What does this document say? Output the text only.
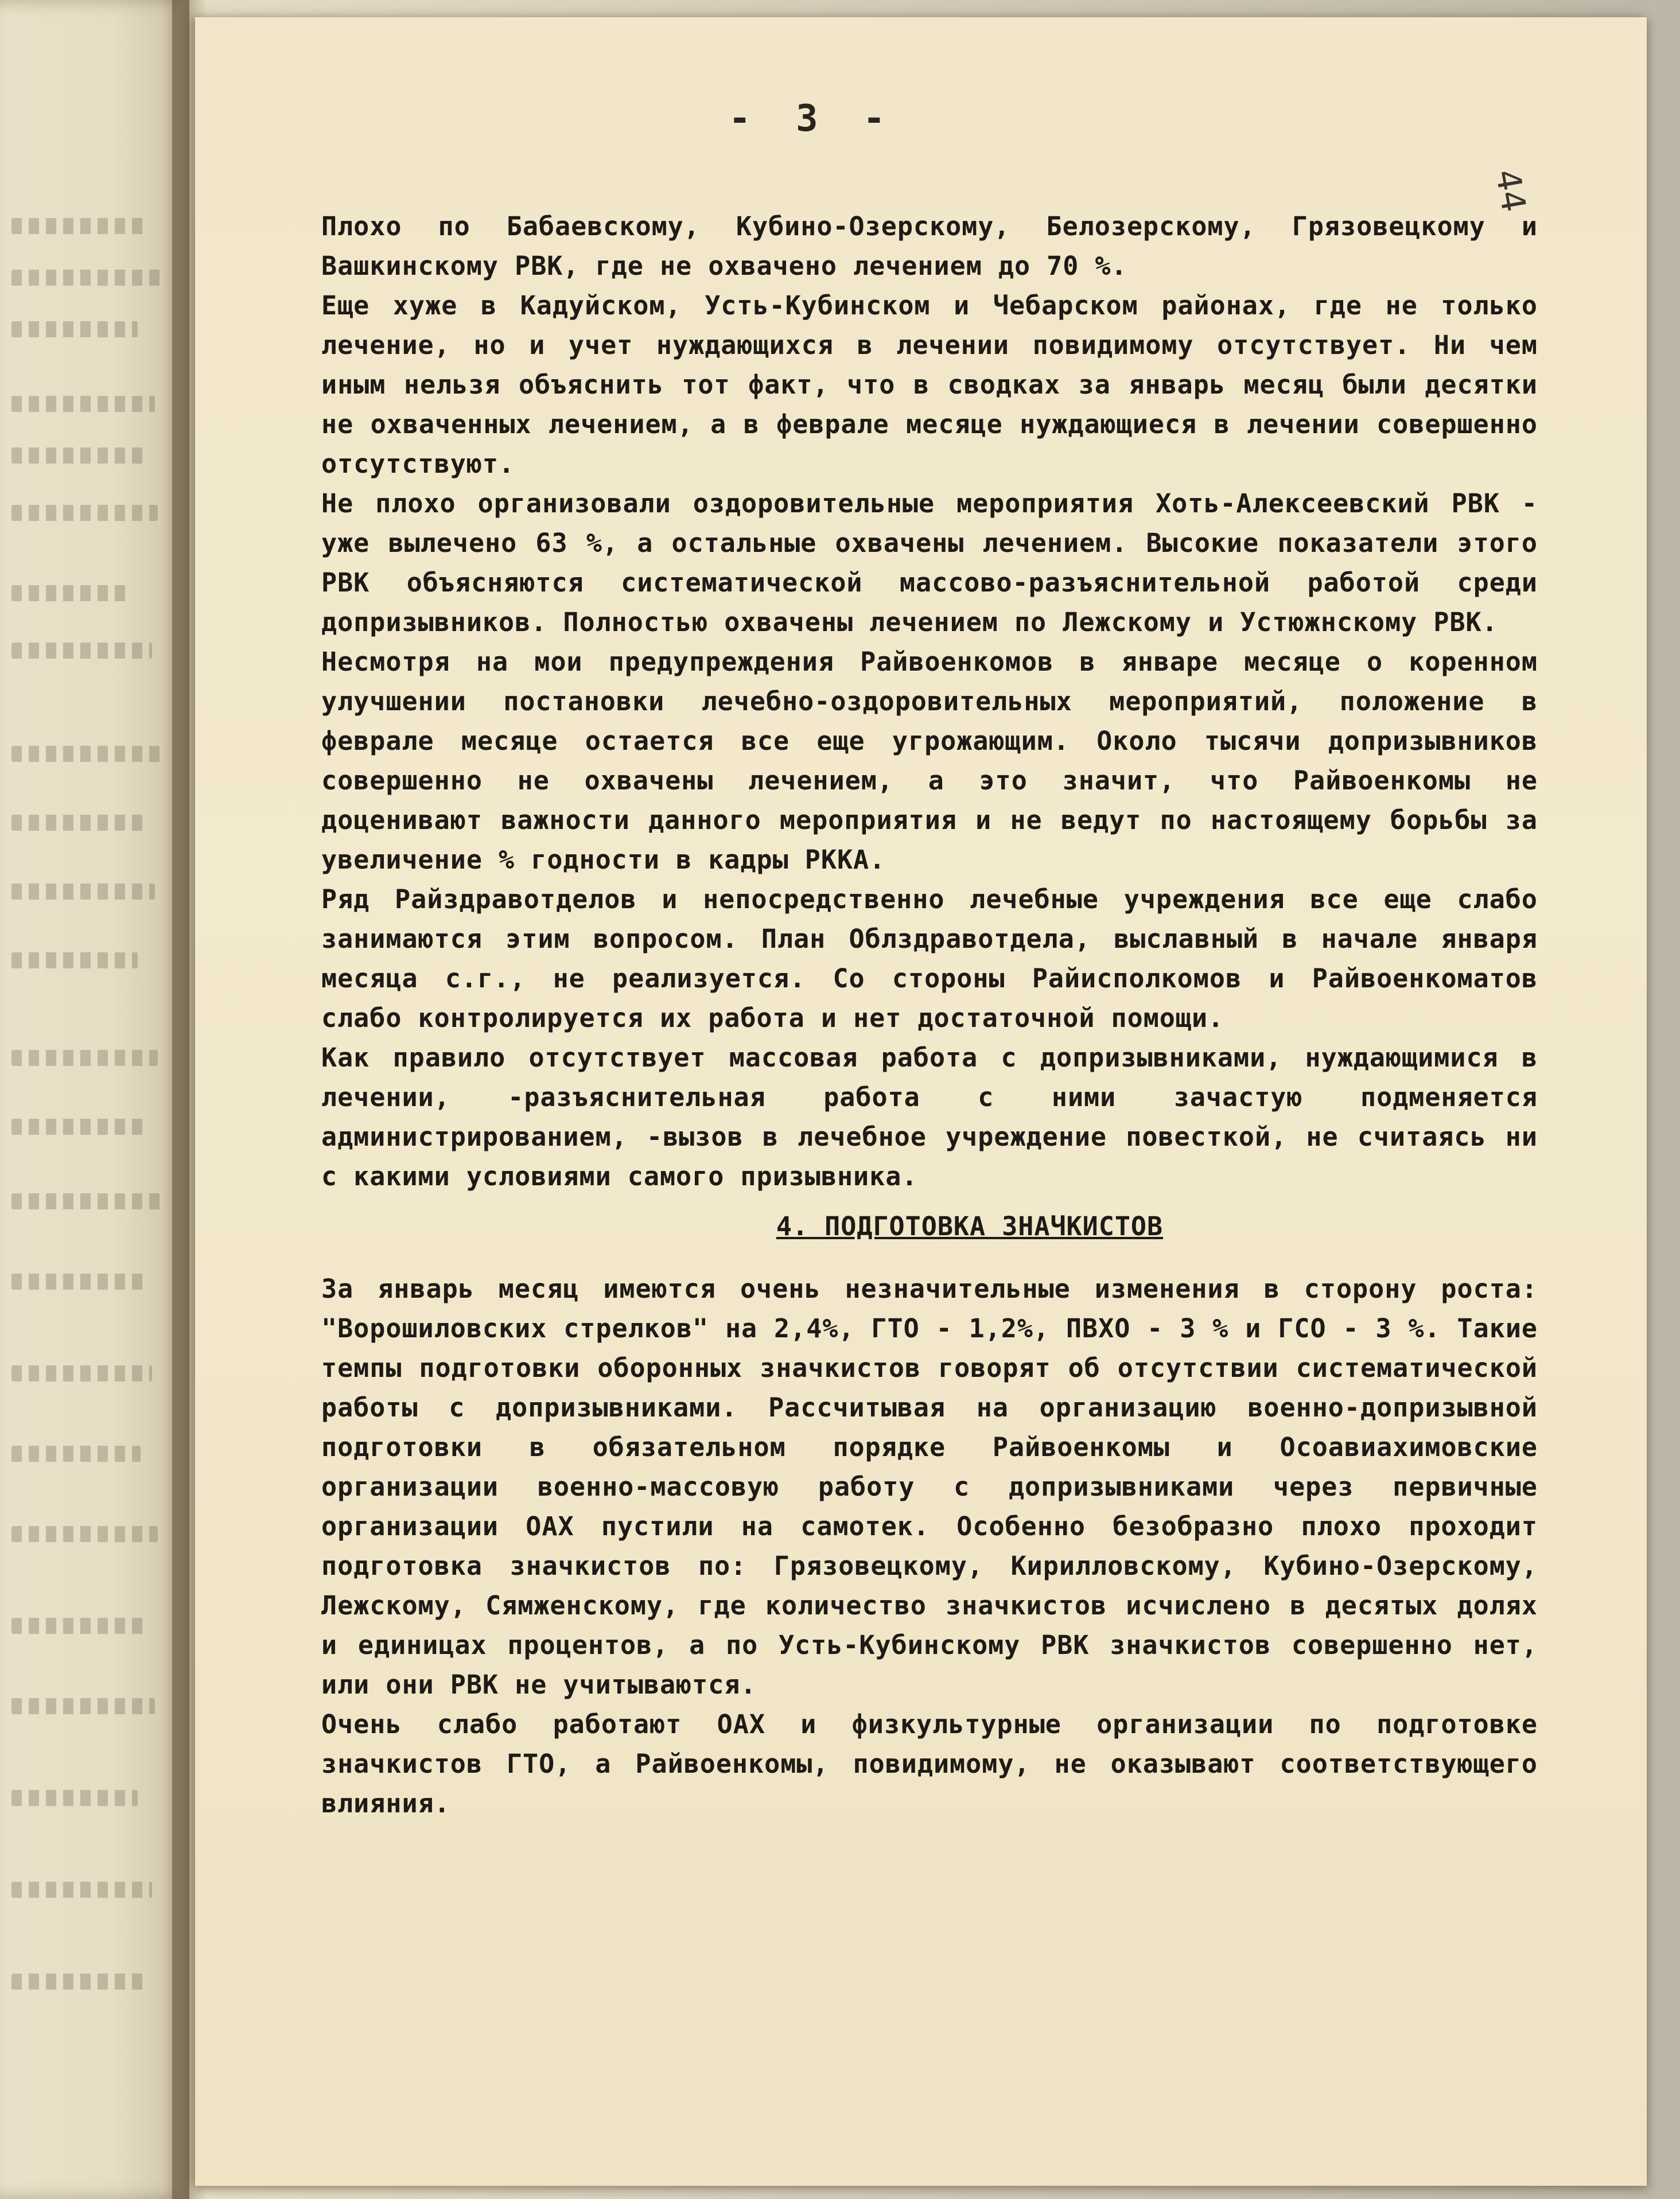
- 3 -
44

Плохо по Бабаевскому, Кубино-Озерскому, Белозерскому, Грязовецкому и Вашкинскому РВК, где не охвачено лечением до 70 %.

Еще хуже в Кадуйском, Усть-Кубинском и Чебарском районах, где не только лечение, но и учет нуждающихся в лечении повидимому отсутствует. Ни чем иным нельзя объяснить тот факт, что в сводках за январь месяц были десятки не охваченных лечением, а в феврале месяце нуждающиеся в лечении совершенно отсутствуют.

Не плохо организовали оздоровительные мероприятия Хоть-Алексеевский РВК - уже вылечено 63 %, а остальные охвачены лечением. Высокие показатели этого РВК объясняются систематической массово-разъяснительной работой среди допризывников. Полностью охвачены лечением по Лежскому и Устюжнскому РВК.

Несмотря на мои предупреждения Райвоенкомов в январе месяце о коренном улучшении постановки лечебно-оздоровительных мероприятий, положение в феврале месяце остается все еще угрожающим. Около тысячи допризывников совершенно не охвачены лечением, а это значит, что Райвоенкомы не доценивают важности данного мероприятия и не ведут по настоящему борьбы за увеличение % годности в кадры РККА.

Ряд Райздравотделов и непосредственно лечебные учреждения все еще слабо занимаются этим вопросом. План Облздравотдела, выславный в начале января месяца с.г., не реализуется. Со стороны Райисполкомов и Райвоенкоматов слабо контролируется их работа и нет достаточной помощи.

Как правило отсутствует массовая работа с допризывниками, нуждающимися в лечении, -разъяснительная работа с ними зачастую подменяется администрированием, -вызов в лечебное учреждение повесткой, не считаясь ни с какими условиями самого призывника.

4. ПОДГОТОВКА ЗНАЧКИСТОВ

За январь месяц имеются очень незначительные изменения в сторону роста: "Ворошиловских стрелков" на 2,4%, ГТО - 1,2%, ПВХО - 3 % и ГСО - 3 %. Такие темпы подготовки оборонных значкистов говорят об отсутствии систематической работы с допризывниками. Рассчитывая на организацию военно-допризывной подготовки в обязательном порядке Райвоенкомы и Осоавиахимовские организации военно-массовую работу с допризывниками через первичные организации ОАХ пустили на самотек. Особенно безобразно плохо проходит подготовка значкистов по: Грязовецкому, Кирилловскому, Кубино-Озерскому, Лежскому, Сямженскому, где количество значкистов исчислено в десятых долях и единицах процентов, а по Усть-Кубинскому РВК значкистов совершенно нет, или они РВК не учитываются.

Очень слабо работают ОАХ и физкультурные организации по подготовке значкистов ГТО, а Райвоенкомы, повидимому, не оказывают соответствующего влияния.
